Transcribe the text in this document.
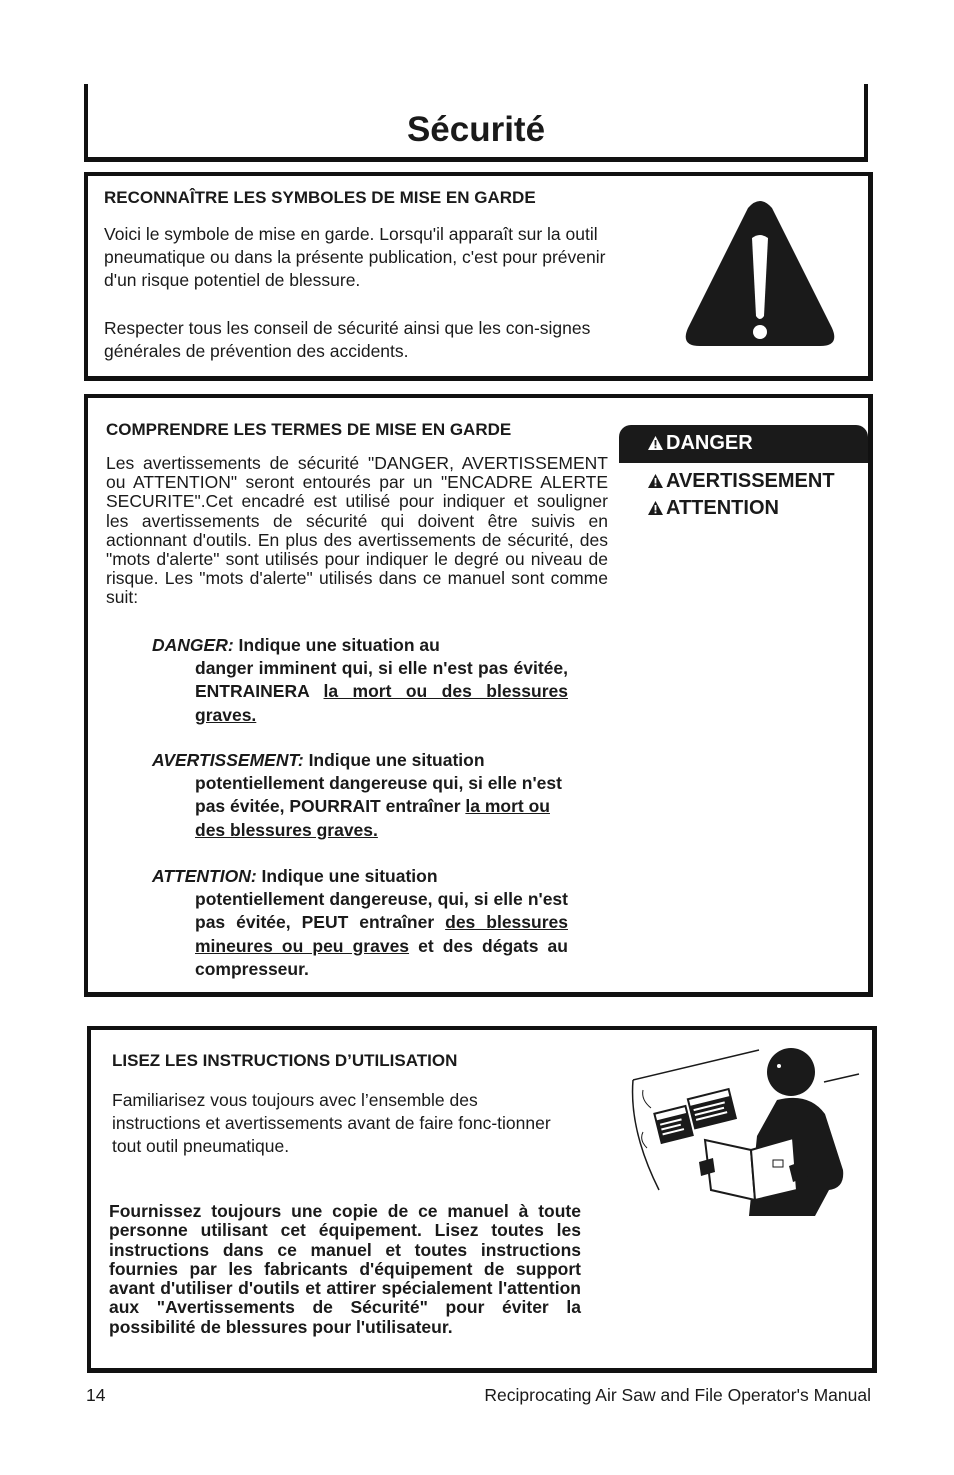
Sécurité

RECONNAÎTRE LES SYMBOLES DE MISE EN GARDE

Voici le symbole de mise en garde. Lorsqu'il apparaît sur la outil pneumatique ou dans la présente publication, c'est pour prévenir d'un risque potentiel de blessure.

Respecter tous les conseil de sécurité ainsi que les con-signes générales de prévention des accidents.

COMPRENDRE LES TERMES DE MISE EN GARDE

Les avertissements de sécurité "DANGER, AVERTISSEMENT ou ATTENTION" seront entourés par un "ENCADRE ALERTE SECURITE".Cet encadré est utilisé pour indiquer et souligner les avertissements de sécurité qui doivent être suivis en actionnant d'outils. En plus des avertissements de sécurité, des "mots d'alerte" sont utilisés pour indiquer le degré ou niveau de risque. Les "mots d'alerte" utilisés dans ce manuel sont comme suit:

DANGER
AVERTISSEMENT
ATTENTION
DANGER: Indique une situation au
danger imminent qui, si elle n'est pas évitée, ENTRAINERA la mort ou des blessures graves.
AVERTISSEMENT: Indique une situation
potentiellement dangereuse qui, si elle n'est pas évitée, POURRAIT entraîner la mort ou des blessures graves.
ATTENTION: Indique une situation
potentiellement dangereuse, qui, si elle n'est pas évitée, PEUT entraîner des blessures mineures ou peu graves et des dégats au compresseur.

LISEZ LES INSTRUCTIONS D’UTILISATION

Familiarisez vous toujours avec l’ensemble des instructions et avertissements avant de faire fonc-tionner tout outil pneumatique.

Fournissez toujours une copie de ce manuel à toute personne utilisant cet équipement. Lisez toutes les instructions dans ce manuel et toutes instructions fournies par les fabricants d'équipement de support avant d'utiliser d'outils et attirer spécialement l'attention aux "Avertissements de Sécurité" pour éviter la possibilité de blessures pour l'utilisateur.

14	Reciprocating Air Saw and File Operator's Manual
